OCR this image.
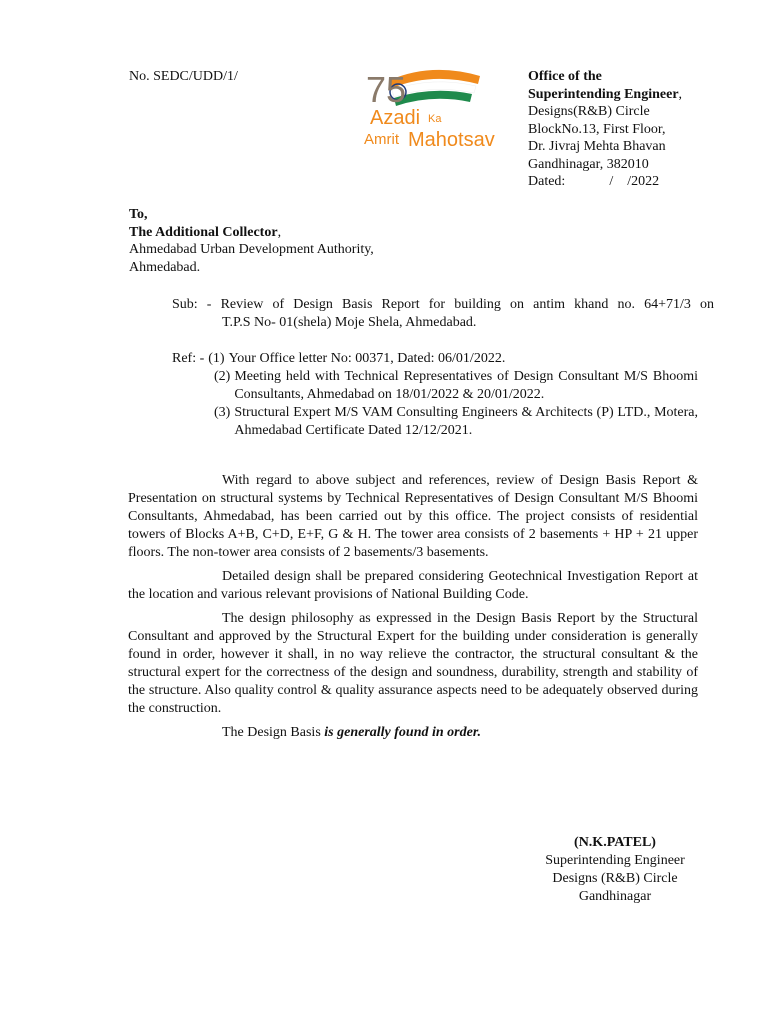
No. SEDC/UDD/1/	75
Azadi Ka
Amrit Mahotsav
Office of the
Superintending Engineer,
Designs(R&B) Circle
BlockNo.13, First Floor,
Dr. Jivraj Mehta Bhavan
Gandhinagar, 382010
Dated:	/    /2022
To,
The Additional Collector,
Ahmedabad Urban Development Authority,
Ahmedabad.
Sub: - Review of Design Basis Report for building on antim khand no. 64+71/3 on
T.P.S No- 01(shela) Moje Shela, Ahmedabad.
Ref: - (1) Your Office letter No: 00371, Dated: 06/01/2022.
(2) Meeting held with Technical Representatives of Design Consultant M/S Bhoomi Consultants, Ahmedabad on 18/01/2022 & 20/01/2022.
(3) Structural Expert M/S VAM Consulting Engineers & Architects (P) LTD., Motera, Ahmedabad Certificate Dated 12/12/2021.

With regard to above subject and references, review of Design Basis Report & Presentation on structural systems by Technical Representatives of Design Consultant M/S Bhoomi Consultants, Ahmedabad, has been carried out by this office. The project consists of residential towers of Blocks A+B, C+D, E+F, G & H. The tower area consists of 2 basements + HP + 21 upper floors. The non-tower area consists of 2 basements/3 basements.

Detailed design shall be prepared considering Geotechnical Investigation Report at the location and various relevant provisions of National Building Code.

The design philosophy as expressed in the Design Basis Report by the Structural Consultant and approved by the Structural Expert for the building under consideration is generally found in order, however it shall, in no way relieve the contractor, the structural consultant & the structural expert for the correctness of the design and soundness, durability, strength and stability of the structure. Also quality control & quality assurance aspects need to be adequately observed during the construction.

The Design Basis is generally found in order.

(N.K.PATEL)
Superintending Engineer
Designs (R&B) Circle
Gandhinagar
